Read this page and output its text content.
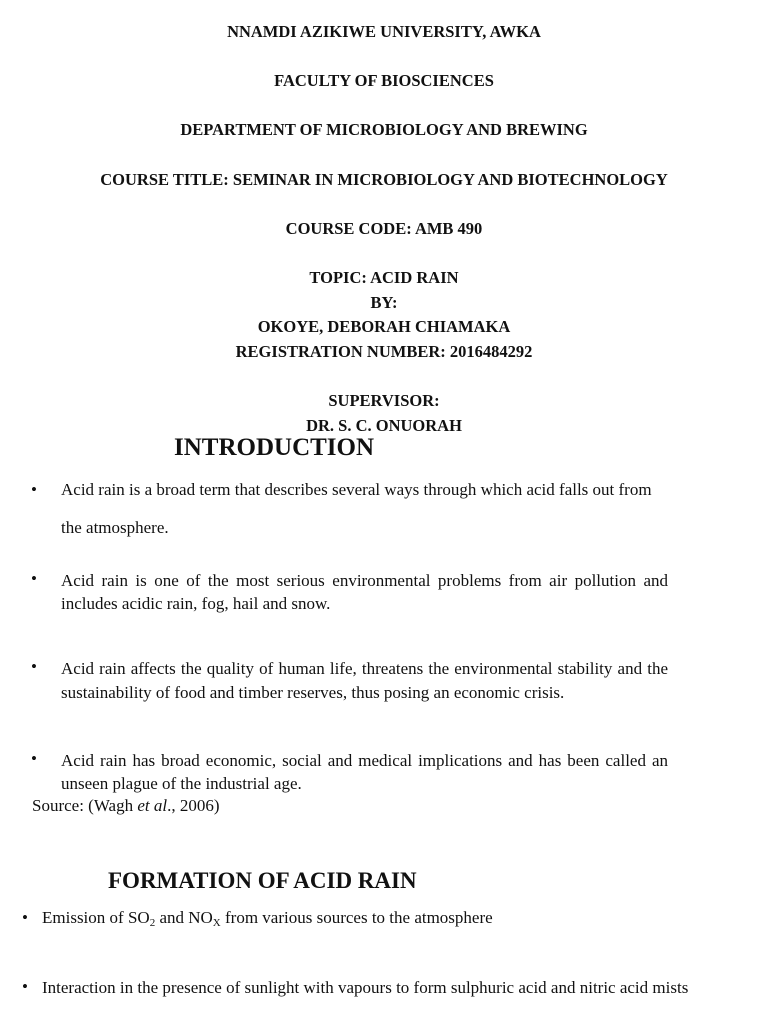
NNAMDI AZIKIWE UNIVERSITY, AWKA
FACULTY OF BIOSCIENCES
DEPARTMENT OF MICROBIOLOGY AND BREWING
COURSE TITLE: SEMINAR IN MICROBIOLOGY AND BIOTECHNOLOGY
COURSE CODE: AMB 490
TOPIC: ACID RAIN
BY:
OKOYE, DEBORAH CHIAMAKA
REGISTRATION NUMBER: 2016484292
SUPERVISOR:
DR. S. C. ONUORAH
INTRODUCTION
• Acid rain is a broad term that describes several ways through which acid falls out from the atmosphere.
• Acid rain is one of the most serious environmental problems from air pollution and includes acidic rain, fog, hail and snow.
• Acid rain affects the quality of human life, threatens the environmental stability and the sustainability of food and timber reserves, thus posing an economic crisis.
• Acid rain has broad economic, social and medical implications and has been called an unseen plague of the industrial age.
Source: (Wagh et al., 2006)
FORMATION OF ACID RAIN
• Emission of $SO_2$ and $NO_X$ from various sources to the atmosphere
• Interaction in the presence of sunlight with vapours to form sulphuric acid and nitric acid mists
